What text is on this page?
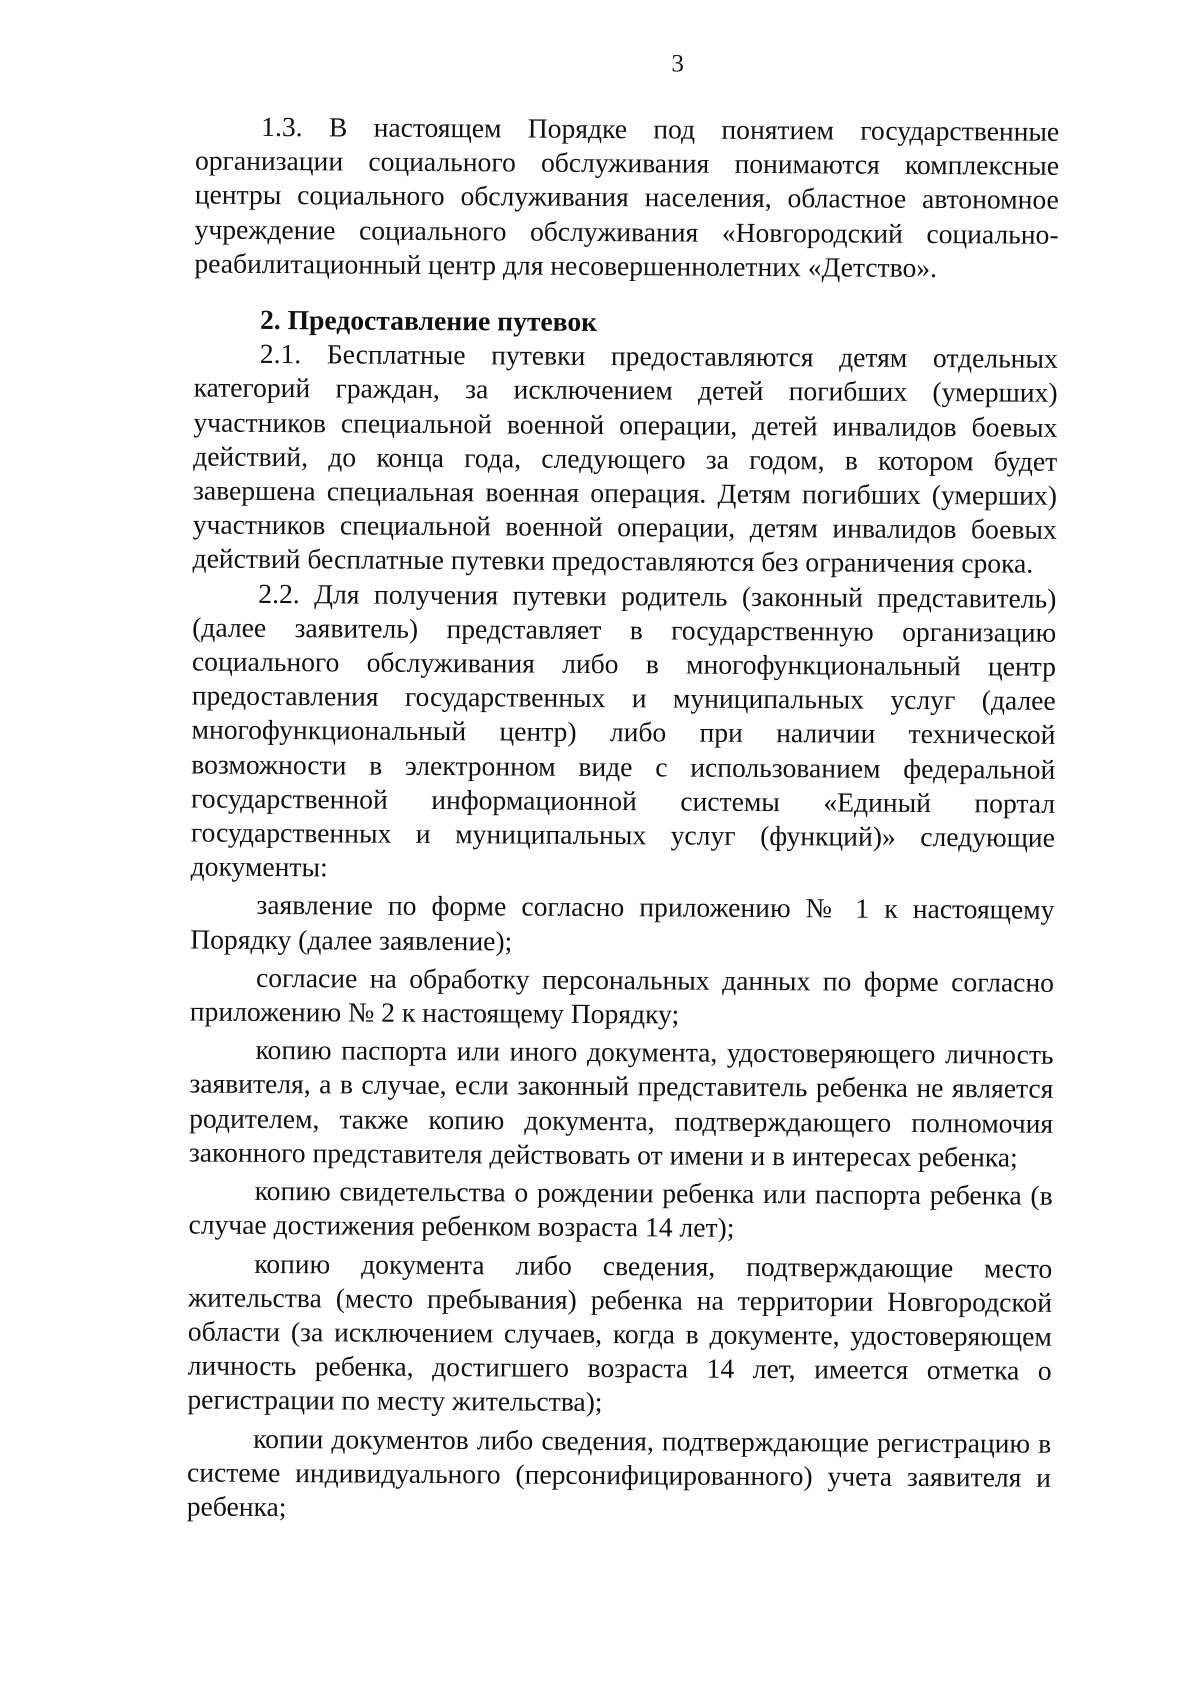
3

1.3. В настоящем Порядке под понятием государственные организации социального обслуживания понимаются комплексные центры социального обслуживания населения, областное автономное учреждение социального обслуживания «Новгородский социально-реабилитационный центр для несовершеннолетних «Детство».

2. Предоставление путевок

2.1. Бесплатные путевки предоставляются детям отдельных категорий граждан, за исключением детей погибших (умерших) участников специальной военной операции, детей инвалидов боевых действий, до конца года, следующего за годом, в котором будет завершена специальная военная операция. Детям погибших (умерших) участников специальной военной операции, детям инвалидов боевых действий бесплатные путевки предоставляются без ограничения срока.

2.2. Для получения путевки родитель (законный представитель) (далее заявитель) представляет в государственную организацию социального обслуживания либо в многофункциональный центр предоставления государственных и муниципальных услуг (далее многофункциональный центр) либо при наличии технической возможности в электронном виде с использованием федеральной государственной информационной системы «Единый портал государственных и муниципальных услуг (функций)» следующие документы:

заявление по форме согласно приложению № 1 к настоящему Порядку (далее заявление);

согласие на обработку персональных данных по форме согласно приложению № 2 к настоящему Порядку;

копию паспорта или иного документа, удостоверяющего личность заявителя, а в случае, если законный представитель ребенка не является родителем, также копию документа, подтверждающего полномочия законного представителя действовать от имени и в интересах ребенка;

копию свидетельства о рождении ребенка или паспорта ребенка (в случае достижения ребенком возраста 14 лет);

копию документа либо сведения, подтверждающие место жительства (место пребывания) ребенка на территории Новгородской области (за исключением случаев, когда в документе, удостоверяющем личность ребенка, достигшего возраста 14 лет, имеется отметка о регистрации по месту жительства);

копии документов либо сведения, подтверждающие регистрацию в системе индивидуального (персонифицированного) учета заявителя и ребенка;
